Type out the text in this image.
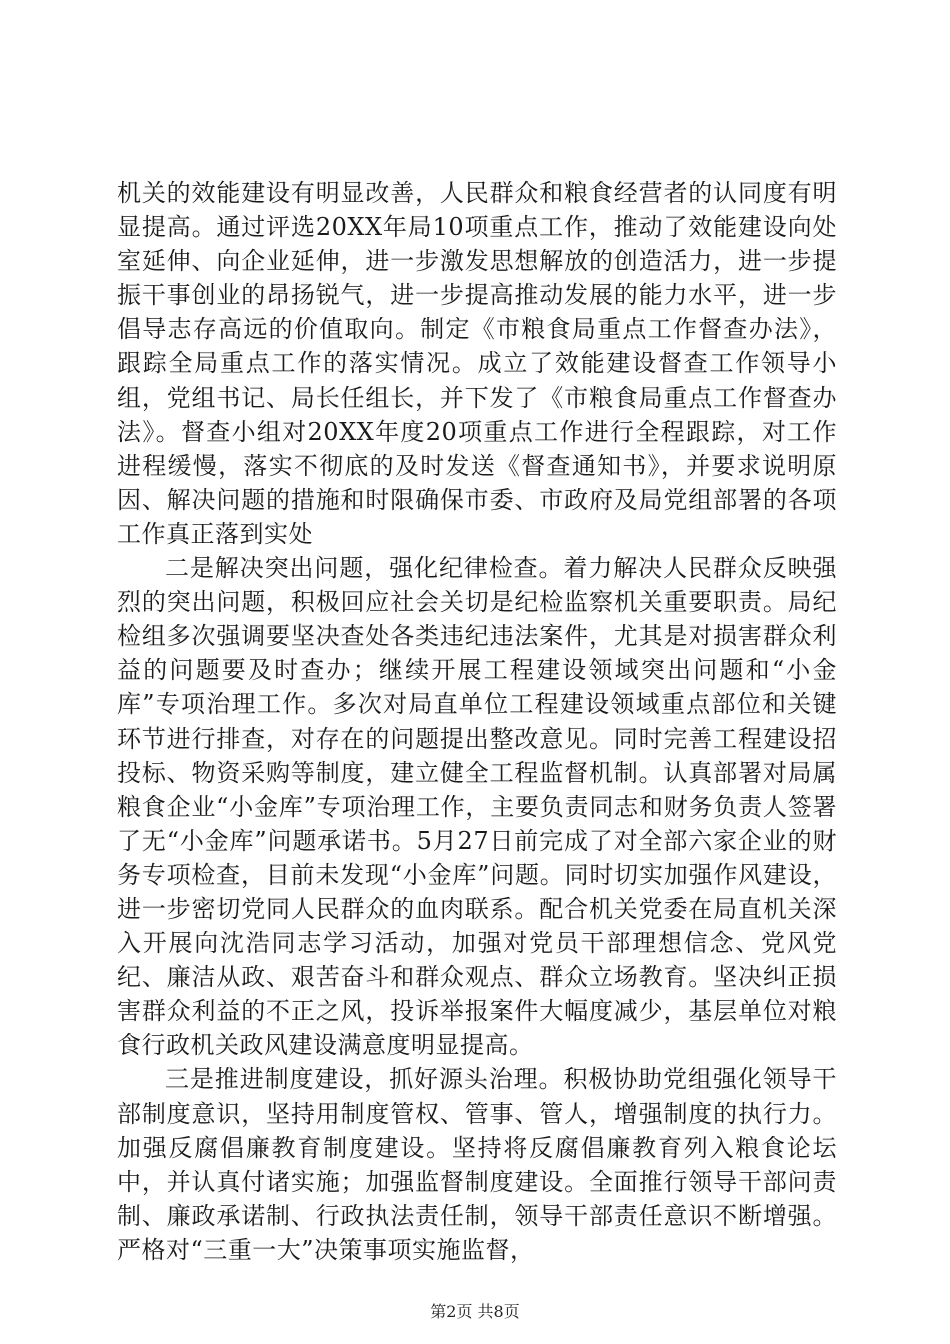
机关的效能建设有明显改善，人民群众和粮食经营者的认同度有明显提高。通过评选20XX年局10项重点工作，推动了效能建设向处室延伸、向企业延伸，进一步激发思想解放的创造活力，进一步提振干事创业的昂扬锐气，进一步提高推动发展的能力水平，进一步倡导志存高远的价值取向。制定《市粮食局重点工作督查办法》，跟踪全局重点工作的落实情况。成立了效能建设督查工作领导小组，党组书记、局长任组长，并下发了《市粮食局重点工作督查办法》。督查小组对20XX年度20项重点工作进行全程跟踪，对工作进程缓慢，落实不彻底的及时发送《督查通知书》，并要求说明原因、解决问题的措施和时限确保市委、市政府及局党组部署的各项工作真正落到实处

二是解决突出问题，强化纪律检查。着力解决人民群众反映强烈的突出问题，积极回应社会关切是纪检监察机关重要职责。局纪检组多次强调要坚决查处各类违纪违法案件，尤其是对损害群众利益的问题要及时查办；继续开展工程建设领域突出问题和“小金库”专项治理工作。多次对局直单位工程建设领域重点部位和关键环节进行排查，对存在的问题提出整改意见。同时完善工程建设招投标、物资采购等制度，建立健全工程监督机制。认真部署对局属粮食企业“小金库”专项治理工作，主要负责同志和财务负责人签署了无“小金库”问题承诺书。5月27日前完成了对全部六家企业的财务专项检查，目前未发现“小金库”问题。同时切实加强作风建设，进一步密切党同人民群众的血肉联系。配合机关党委在局直机关深入开展向沈浩同志学习活动，加强对党员干部理想信念、党风党纪、廉洁从政、艰苦奋斗和群众观点、群众立场教育。坚决纠正损害群众利益的不正之风，投诉举报案件大幅度减少，基层单位对粮食行政机关政风建设满意度明显提高。

三是推进制度建设，抓好源头治理。积极协助党组强化领导干部制度意识，坚持用制度管权、管事、管人，增强制度的执行力。加强反腐倡廉教育制度建设。坚持将反腐倡廉教育列入粮食论坛中，并认真付诸实施；加强监督制度建设。全面推行领导干部问责制、廉政承诺制、行政执法责任制，领导干部责任意识不断增强。严格对“三重一大”决策事项实施监督，

第2页 共8页
